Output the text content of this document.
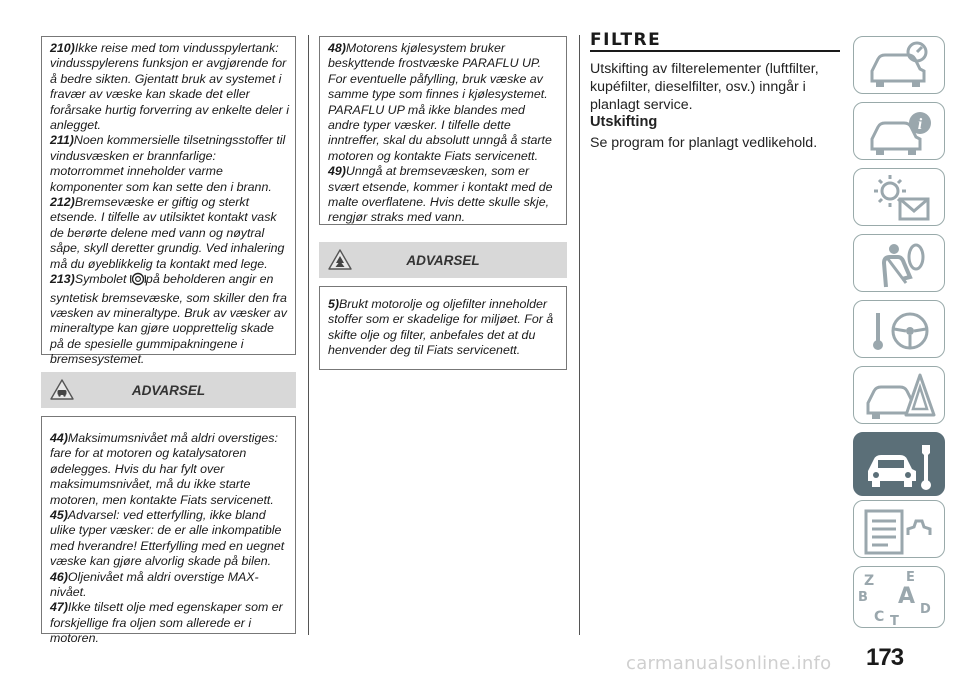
210)Ikke reise med tom vindusspylertank: vindusspylerens funksjon er avgjørende for å bedre sikten. Gjentatt bruk av systemet i fravær av væske kan skade det eller forårsake hurtig forverring av enkelte deler i anlegget.

211)Noen kommersielle tilsetningsstoffer til vindusvæsken er brannfarlige: motorrommet inneholder varme komponenter som kan sette den i brann.

212)Bremsevæske er giftig og sterkt etsende. I tilfelle av utilsiktet kontakt vask de berørte delene med vann og nøytral såpe, skyll deretter grundig. Ved inhalering må du øyeblikkelig ta kontakt med lege.

213)Symbolet på beholderen angir en syntetisk bremsevæske, som skiller den fra væsken av mineraltype. Bruk av væsker av mineraltype kan gjøre uopprettelig skade på de spesielle gummipakningene i bremsesystemet.

ADVARSEL

44)Maksimumsnivået må aldri overstiges: fare for at motoren og katalysatoren ødelegges. Hvis du har fylt over maksimumsnivået, må du ikke starte motoren, men kontakte Fiats servicenett.

45)Advarsel: ved etterfylling, ikke bland ulike typer væsker: de er alle inkompatible med hverandre! Etterfylling med en uegnet væske kan gjøre alvorlig skade på bilen.

46)Oljenivået må aldri overstige MAX-nivået.

47)Ikke tilsett olje med egenskaper som er forskjellige fra oljen som allerede er i motoren.

48)Motorens kjølesystem bruker beskyttende frostvæske PARAFLU UP. For eventuelle påfylling, bruk væske av samme type som finnes i kjølesystemet. PARAFLU UP må ikke blandes med andre typer væsker. I tilfelle dette inntreffer, skal du absolutt unngå å starte motoren og kontakte Fiats servicenett.

49)Unngå at bremsevæsken, som er svært etsende, kommer i kontakt med de malte overflatene. Hvis dette skulle skje, rengjør straks med vann.

ADVARSEL

5)Brukt motorolje og oljefilter inneholder stoffer som er skadelige for miljøet. For å skifte olje og filter, anbefales det at du henvender deg til Fiats servicenett.

FILTRE
Utskifting av filterelementer (luftfilter, kupéfilter, dieselfilter, osv.) inngår i planlagt service.
Utskifting
Se program for planlagt vedlikehold.
i
Z E
B A
D
C T
173
carmanualsonline.info
